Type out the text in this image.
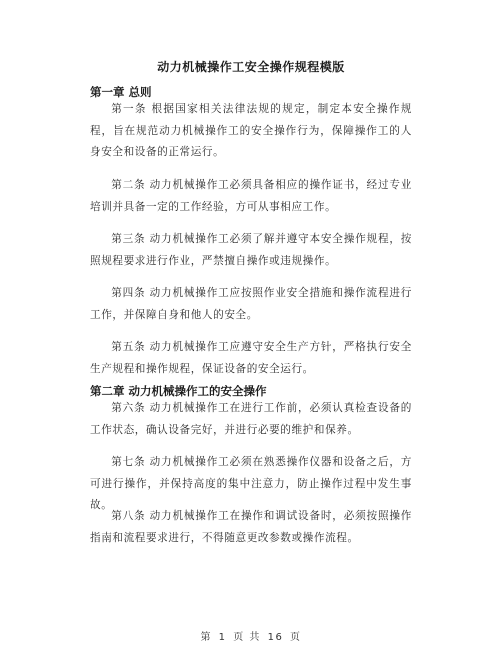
动力机械操作工安全操作规程模版
第一章 总则

第一条 根据国家相关法律法规的规定，制定本安全操作规程，旨在规范动力机械操作工的安全操作行为，保障操作工的人身安全和设备的正常运行。

第二条 动力机械操作工必须具备相应的操作证书，经过专业培训并具备一定的工作经验，方可从事相应工作。

第三条 动力机械操作工必须了解并遵守本安全操作规程，按照规程要求进行作业，严禁擅自操作或违规操作。

第四条 动力机械操作工应按照作业安全措施和操作流程进行工作，并保障自身和他人的安全。

第五条 动力机械操作工应遵守安全生产方针，严格执行安全生产规程和操作规程，保证设备的安全运行。

第二章 动力机械操作工的安全操作

第六条 动力机械操作工在进行工作前，必须认真检查设备的工作状态，确认设备完好，并进行必要的维护和保养。

第七条 动力机械操作工必须在熟悉操作仪器和设备之后，方可进行操作，并保持高度的集中注意力，防止操作过程中发生事故。

第八条 动力机械操作工在操作和调试设备时，必须按照操作指南和流程要求进行，不得随意更改参数或操作流程。

第 1 页 共 16 页
